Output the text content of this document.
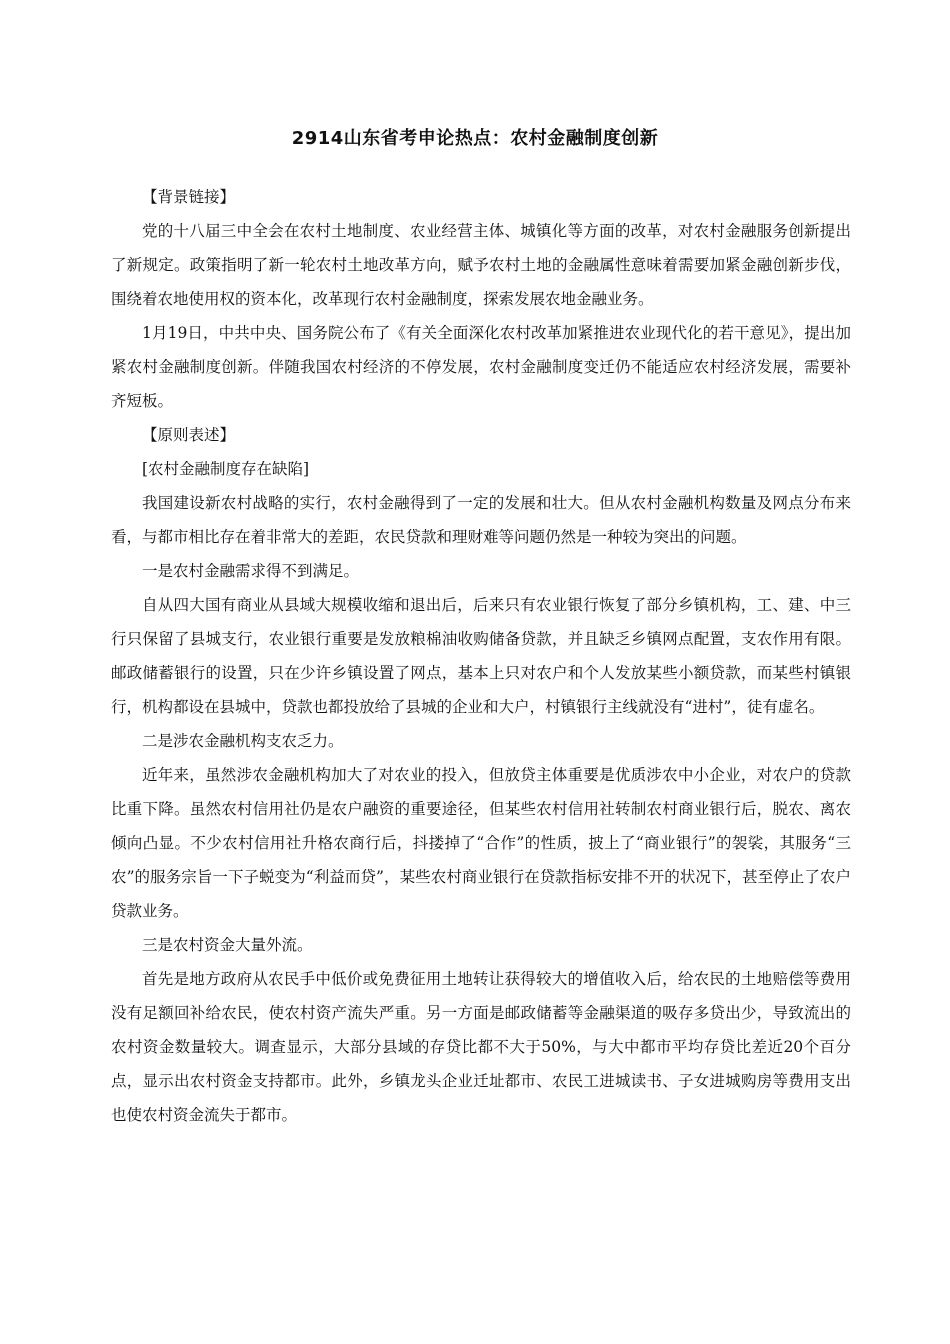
2914山东省考申论热点：农村金融制度创新

【背景链接】

党的十八届三中全会在农村土地制度、农业经营主体、城镇化等方面的改革，对农村金融服务创新提出了新规定。政策指明了新一轮农村土地改革方向，赋予农村土地的金融属性意味着需要加紧金融创新步伐，围绕着农地使用权的资本化，改革现行农村金融制度，探索发展农地金融业务。

1月19日，中共中央、国务院公布了《有关全面深化农村改革加紧推进农业现代化的若干意见》，提出加紧农村金融制度创新。伴随我国农村经济的不停发展，农村金融制度变迁仍不能适应农村经济发展，需要补齐短板。

【原则表述】

[农村金融制度存在缺陷]

我国建设新农村战略的实行，农村金融得到了一定的发展和壮大。但从农村金融机构数量及网点分布来看，与都市相比存在着非常大的差距，农民贷款和理财难等问题仍然是一种较为突出的问题。

一是农村金融需求得不到满足。

自从四大国有商业从县域大规模收缩和退出后，后来只有农业银行恢复了部分乡镇机构，工、建、中三行只保留了县城支行，农业银行重要是发放粮棉油收购储备贷款，并且缺乏乡镇网点配置，支农作用有限。邮政储蓄银行的设置，只在少许乡镇设置了网点，基本上只对农户和个人发放某些小额贷款，而某些村镇银行，机构都设在县城中，贷款也都投放给了县城的企业和大户，村镇银行主线就没有“进村”，徒有虚名。

二是涉农金融机构支农乏力。

近年来，虽然涉农金融机构加大了对农业的投入，但放贷主体重要是优质涉农中小企业，对农户的贷款比重下降。虽然农村信用社仍是农户融资的重要途径，但某些农村信用社转制农村商业银行后，脱农、离农倾向凸显。不少农村信用社升格农商行后，抖搂掉了“合作”的性质，披上了“商业银行”的袈裟，其服务“三农”的服务宗旨一下子蜕变为“利益而贷”，某些农村商业银行在贷款指标安排不开的状况下，甚至停止了农户贷款业务。

三是农村资金大量外流。

首先是地方政府从农民手中低价或免费征用土地转让获得较大的增值收入后，给农民的土地赔偿等费用没有足额回补给农民，使农村资产流失严重。另一方面是邮政储蓄等金融渠道的吸存多贷出少，导致流出的农村资金数量较大。调查显示，大部分县域的存贷比都不大于50%，与大中都市平均存贷比差近20个百分点，显示出农村资金支持都市。此外，乡镇龙头企业迁址都市、农民工进城读书、子女进城购房等费用支出也使农村资金流失于都市。
